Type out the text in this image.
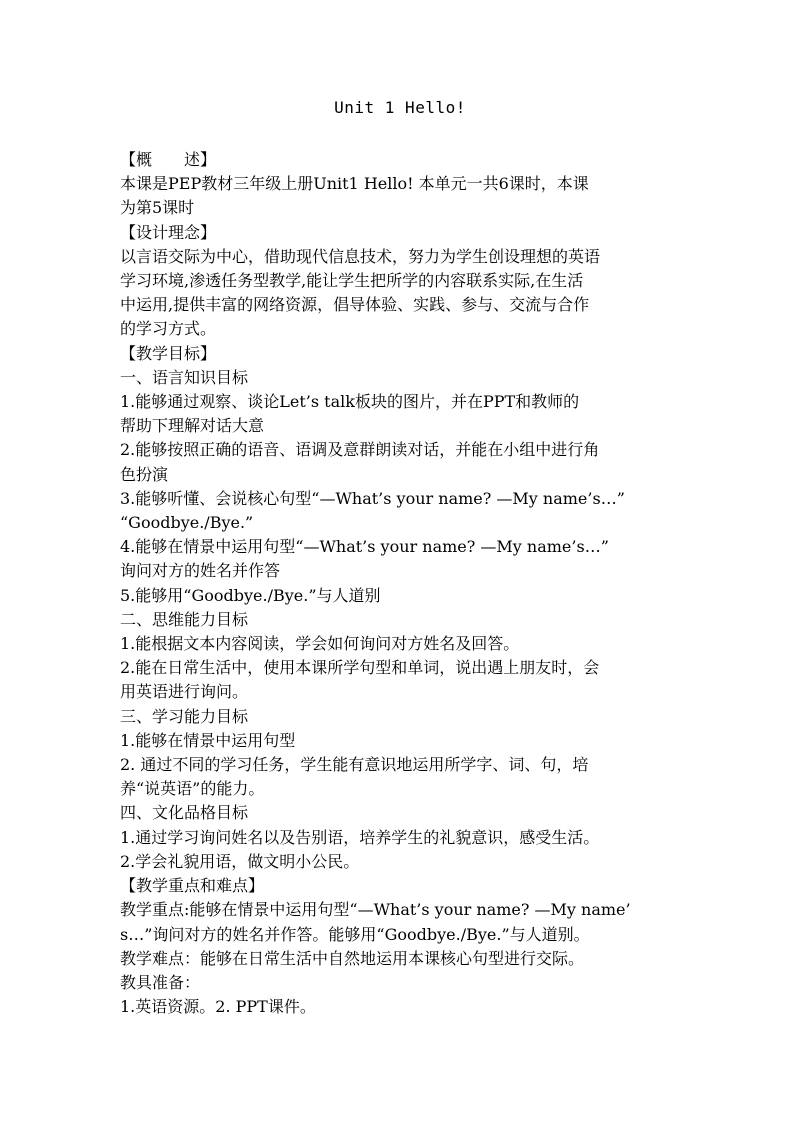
Unit 1 Hello!
【概　　述】
本课是PEP教材三年级上册Unit1 Hello! 本单元一共6课时，本课
为第5课时
【设计理念】
以言语交际为中心，借助现代信息技术，努力为学生创设理想的英语
学习环境,渗透任务型教学,能让学生把所学的内容联系实际,在生活
中运用,提供丰富的网络资源，倡导体验、实践、参与、交流与合作
的学习方式。
【教学目标】
一、语言知识目标
1.能够通过观察、谈论Let’s talk板块的图片，并在PPT和教师的
帮助下理解对话大意
2.能够按照正确的语音、语调及意群朗读对话，并能在小组中进行角
色扮演
3.能够听懂、会说核心句型“—What’s your name? —My name’s…”
“Goodbye./Bye.”
4.能够在情景中运用句型“—What’s your name? —My name’s…”
询问对方的姓名并作答
5.能够用“Goodbye./Bye.”与人道别
二、思维能力目标
1.能根据文本内容阅读，学会如何询问对方姓名及回答。
2.能在日常生活中，使用本课所学句型和单词，说出遇上朋友时，会
用英语进行询问。
三、学习能力目标
1.能够在情景中运用句型
2. 通过不同的学习任务，学生能有意识地运用所学字、词、句，培
养“说英语”的能力。
四、文化品格目标
1.通过学习询问姓名以及告别语，培养学生的礼貌意识，感受生活。
2.学会礼貌用语，做文明小公民。
【教学重点和难点】
教学重点:能够在情景中运用句型“—What’s your name? —My name’
s…”询问对方的姓名并作答。能够用“Goodbye./Bye.”与人道别。
教学难点：能够在日常生活中自然地运用本课核心句型进行交际。
教具准备：
1.英语资源。2. PPT课件。
